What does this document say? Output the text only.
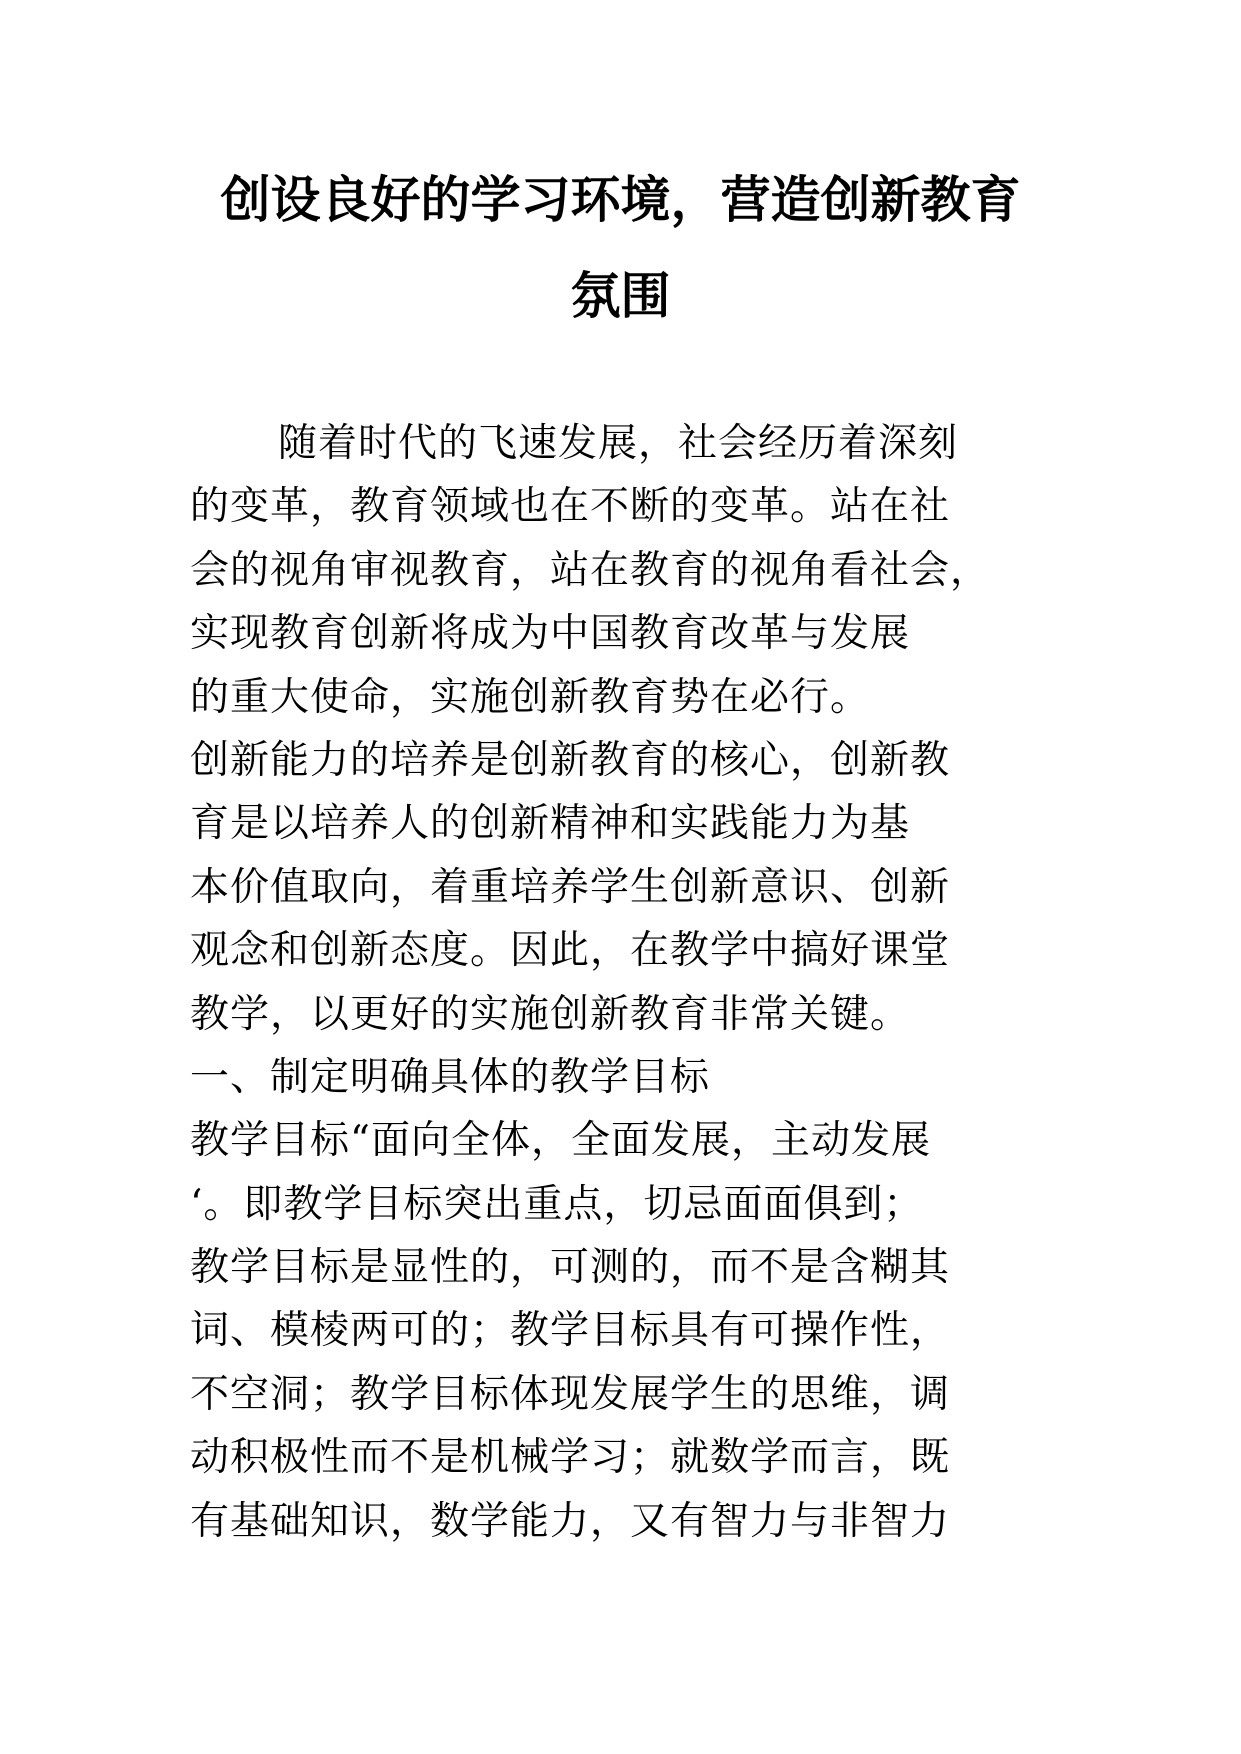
创设良好的学习环境，营造创新教育
氛围
随着时代的飞速发展，社会经历着深刻
的变革，教育领域也在不断的变革。站在社
会的视角审视教育，站在教育的视角看社会，
实现教育创新将成为中国教育改革与发展
的重大使命，实施创新教育势在必行。
创新能力的培养是创新教育的核心，创新教
育是以培养人的创新精神和实践能力为基
本价值取向，着重培养学生创新意识、创新
观念和创新态度。因此，在教学中搞好课堂
教学，以更好的实施创新教育非常关键。
一、制定明确具体的教学目标
教学目标“面向全体，全面发展，主动发展
‘。即教学目标突出重点，切忌面面俱到；
教学目标是显性的，可测的，而不是含糊其
词、模棱两可的；教学目标具有可操作性，
不空洞；教学目标体现发展学生的思维，调
动积极性而不是机械学习；就数学而言，既
有基础知识，数学能力，又有智力与非智力
